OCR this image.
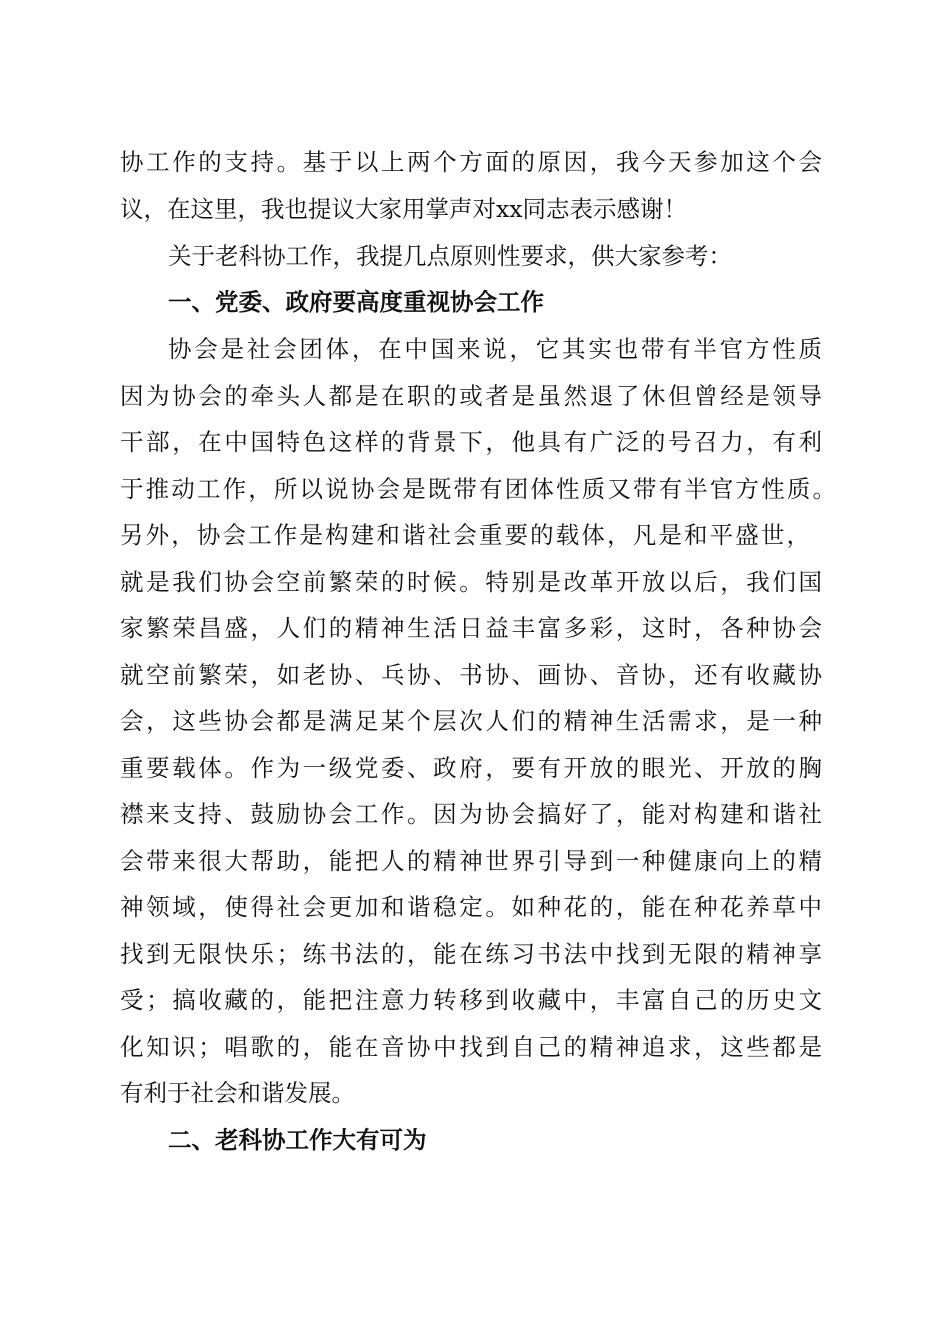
协工作的支持。基于以上两个方面的原因，我今天参加这个会
议，在这里，我也提议大家用掌声对xx同志表示感谢！
关于老科协工作，我提几点原则性要求，供大家参考：
一、党委、政府要高度重视协会工作
协会是社会团体，在中国来说，它其实也带有半官方性质
因为协会的牵头人都是在职的或者是虽然退了休但曾经是领导
干部，在中国特色这样的背景下，他具有广泛的号召力，有利
于推动工作，所以说协会是既带有团体性质又带有半官方性质。
另外，协会工作是构建和谐社会重要的载体，凡是和平盛世，
就是我们协会空前繁荣的时候。特别是改革开放以后，我们国
家繁荣昌盛，人们的精神生活日益丰富多彩，这时，各种协会
就空前繁荣，如老协、乓协、书协、画协、音协，还有收藏协
会，这些协会都是满足某个层次人们的精神生活需求，是一种
重要载体。作为一级党委、政府，要有开放的眼光、开放的胸
襟来支持、鼓励协会工作。因为协会搞好了，能对构建和谐社
会带来很大帮助，能把人的精神世界引导到一种健康向上的精
神领域，使得社会更加和谐稳定。如种花的，能在种花养草中
找到无限快乐；练书法的，能在练习书法中找到无限的精神享
受；搞收藏的，能把注意力转移到收藏中，丰富自己的历史文
化知识；唱歌的，能在音协中找到自己的精神追求，这些都是
有利于社会和谐发展。
二、老科协工作大有可为
